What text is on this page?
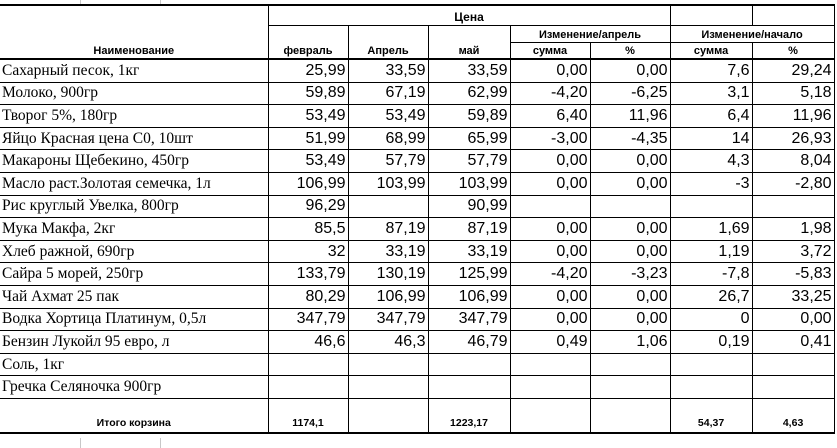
Наименование	Цена						
	февраль	Апрель	май	Изменение/апрель		Изменение/начало	
				сумма	%	сумма	%
Сахарный песок, 1кг	25,99	33,59	33,59	0,00	0,00	7,6	29,24
Молоко, 900гр	59,89	67,19	62,99	-4,20	-6,25	3,1	5,18
Творог 5%, 180гр	53,49	53,49	59,89	6,40	11,96	6,4	11,96
Яйцо Красная цена С0, 10шт	51,99	68,99	65,99	-3,00	-4,35	14	26,93
Макароны Щебекино, 450гр	53,49	57,79	57,79	0,00	0,00	4,3	8,04
Масло раст.Золотая семечка, 1л	106,99	103,99	103,99	0,00	0,00	-3	-2,80
Рис круглый Увелка, 800гр	96,29		90,99				
Мука Макфа, 2кг	85,5	87,19	87,19	0,00	0,00	1,69	1,98
Хлеб ражной, 690гр	32	33,19	33,19	0,00	0,00	1,19	3,72
Сайра 5 морей, 250гр	133,79	130,19	125,99	-4,20	-3,23	-7,8	-5,83
Чай Ахмат 25 пак	80,29	106,99	106,99	0,00	0,00	26,7	33,25
Водка Хортица Платинум, 0,5л	347,79	347,79	347,79	0,00	0,00	0	0,00
Бензин Лукойл 95 евро, л	46,6	46,3	46,79	0,49	1,06	0,19	0,41
Соль, 1кг							
Гречка Селяночка 900гр							
Итого корзина	1174,1		1223,17			54,37	4,63
